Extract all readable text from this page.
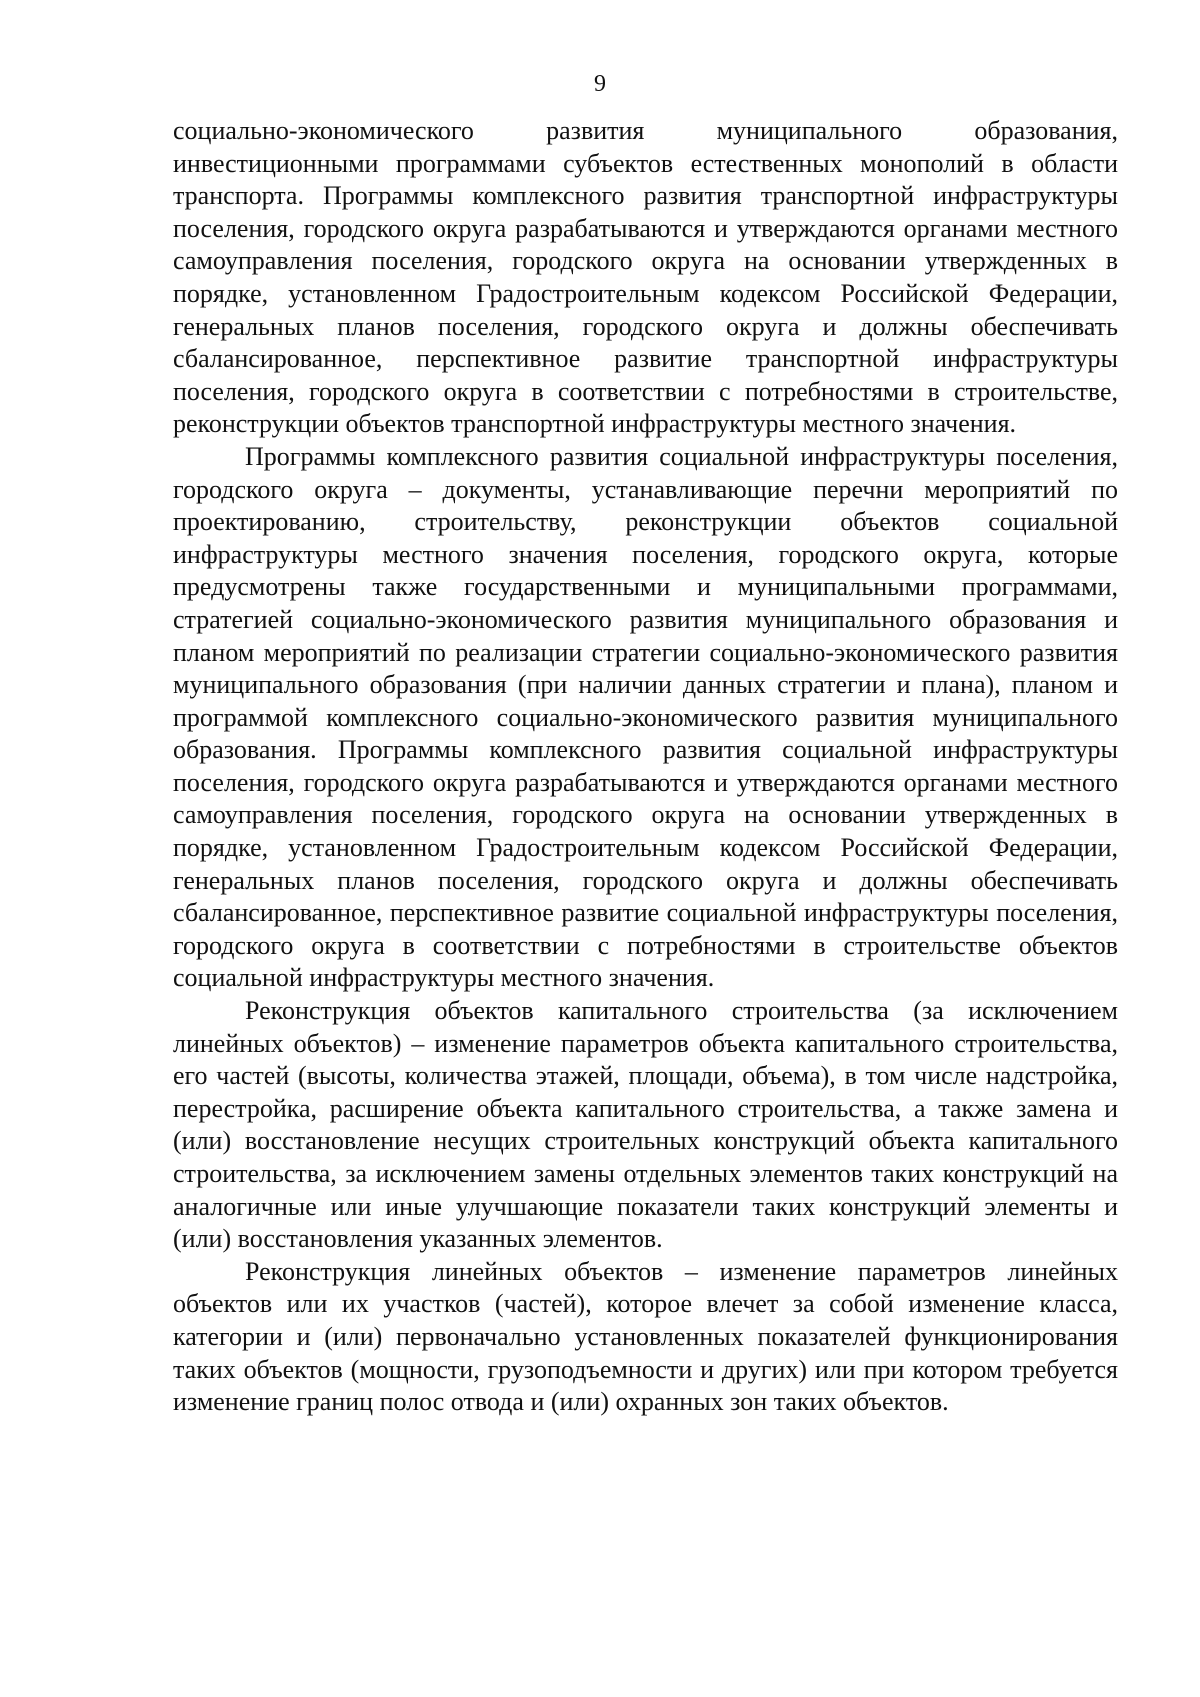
9

социально-экономического развития муниципального образования, инвестиционными программами субъектов естественных монополий в области транспорта. Программы комплексного развития транспортной инфраструктуры поселения, городского округа разрабатываются и утверждаются органами местного самоуправления поселения, городского округа на основании утвержденных в порядке, установленном Градостроительным кодексом Российской Федерации, генеральных планов поселения, городского округа и должны обеспечивать сбалансированное, перспективное развитие транспортной инфраструктуры поселения, городского округа в соответствии с потребностями в строительстве, реконструкции объектов транспортной инфраструктуры местного значения.

Программы комплексного развития социальной инфраструктуры поселения, городского округа – документы, устанавливающие перечни мероприятий по проектированию, строительству, реконструкции объектов социальной инфраструктуры местного значения поселения, городского округа, которые предусмотрены также государственными и муниципальными программами, стратегией социально-экономического развития муниципального образования и планом мероприятий по реализации стратегии социально-экономического развития муниципального образования (при наличии данных стратегии и плана), планом и программой комплексного социально-экономического развития муниципального образования. Программы комплексного развития социальной инфраструктуры поселения, городского округа разрабатываются и утверждаются органами местного самоуправления поселения, городского округа на основании утвержденных в порядке, установленном Градостроительным кодексом Российской Федерации, генеральных планов поселения, городского округа и должны обеспечивать сбалансированное, перспективное развитие социальной инфраструктуры поселения, городского округа в соответствии с потребностями в строительстве объектов социальной инфраструктуры местного значения.

Реконструкция объектов капитального строительства (за исключением линейных объектов) – изменение параметров объекта капитального строительства, его частей (высоты, количества этажей, площади, объема), в том числе надстройка, перестройка, расширение объекта капитального строительства, а также замена и (или) восстановление несущих строительных конструкций объекта капитального строительства, за исключением замены отдельных элементов таких конструкций на аналогичные или иные улучшающие показатели таких конструкций элементы и (или) восстановления указанных элементов.

Реконструкция линейных объектов – изменение параметров линейных объектов или их участков (частей), которое влечет за собой изменение класса, категории и (или) первоначально установленных показателей функционирования таких объектов (мощности, грузоподъемности и других) или при котором требуется изменение границ полос отвода и (или) охранных зон таких объектов.
